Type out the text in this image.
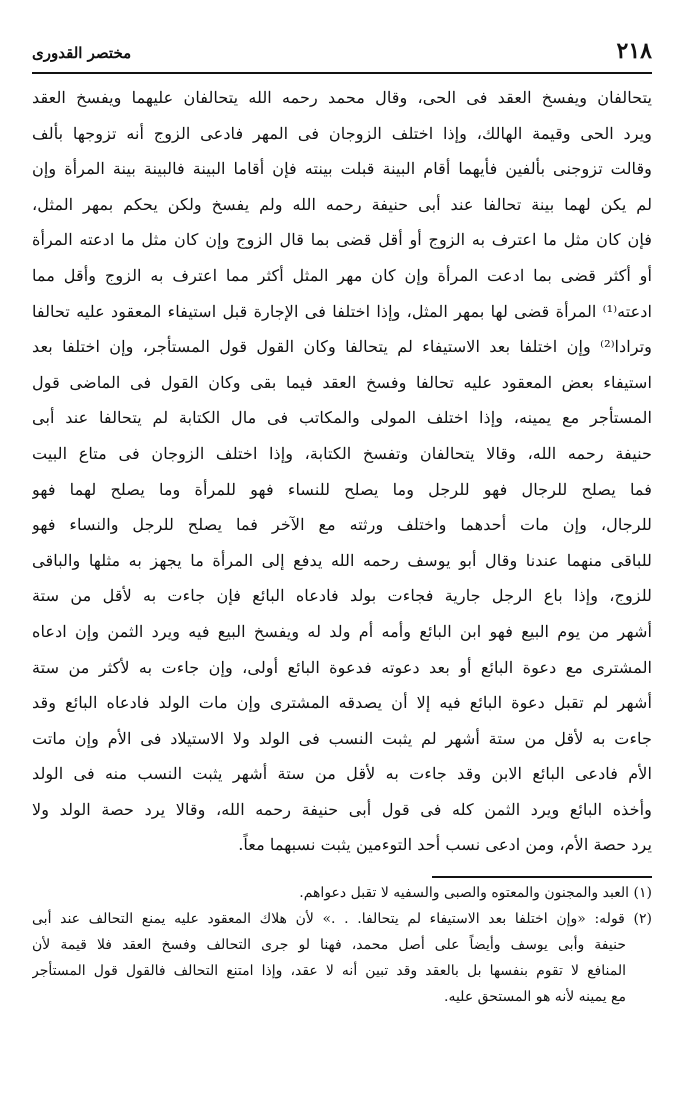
٢١٨
مختصر القدورى
يتحالفان ويفسخ العقد فى الحى، وقال محمد رحمه الله يتحالفان عليهما ويفسخ العقد
ويرد الحى وقيمة الهالك، وإذا اختلف الزوجان فى المهر فادعى الزوج أنه تزوجها بألف
وقالت تزوجنى بألفين فأيهما أقام البينة قبلت بينته فإن أقاما البينة فالبينة بينة المرأة وإن
لم يكن لهما بينة تحالفا عند أبى حنيفة رحمه الله ولم يفسخ ولكن يحكم بمهر المثل،
فإن كان مثل ما اعترف به الزوج أو أقل قضى بما قال الزوج وإن كان مثل ما ادعته المرأة
أو أكثر قضى بما ادعت المرأة وإن كان مهر المثل أكثر مما اعترف به الزوج وأقل مما
ادعته⁽¹⁾ المرأة قضى لها بمهر المثل، وإذا اختلفا فى الإجارة قبل استيفاء المعقود عليه تحالفا
وترادا⁽²⁾ وإن اختلفا بعد الاستيفاء لم يتحالفا وكان القول قول المستأجر، وإن اختلفا بعد
استيفاء بعض المعقود عليه تحالفا وفسخ العقد فيما بقى وكان القول فى الماضى قول
المستأجر مع يمينه، وإذا اختلف المولى والمكاتب فى مال الكتابة لم يتحالفا عند أبى
حنيفة رحمه الله، وقالا يتحالفان وتفسخ الكتابة، وإذا اختلف الزوجان فى متاع البيت
فما يصلح للرجال فهو للرجل وما يصلح للنساء فهو للمرأة وما يصلح لهما فهو
للرجال، وإن مات أحدهما واختلف ورثته مع الآخر فما يصلح للرجل والنساء فهو
للباقى منهما عندنا وقال أبو يوسف رحمه الله يدفع إلى المرأة ما يجهز به مثلها والباقى
للزوج، وإذا باع الرجل جارية فجاءت بولد فادعاه البائع فإن جاءت به لأقل من ستة
أشهر من يوم البيع فهو ابن البائع وأمه أم ولد له ويفسخ البيع فيه ويرد الثمن وإن ادعاه
المشترى مع دعوة البائع أو بعد دعوته فدعوة البائع أولى، وإن جاءت به لأكثر من ستة
أشهر لم تقبل دعوة البائع فيه إلا أن يصدقه المشترى وإن مات الولد فادعاه البائع وقد
جاءت به لأقل من ستة أشهر لم يثبت النسب فى الولد ولا الاستيلاد فى الأم وإن ماتت
الأم فادعى البائع الابن وقد جاءت به لأقل من ستة أشهر يثبت النسب منه فى الولد
وأخذه البائع ويرد الثمن كله فى قول أبى حنيفة رحمه الله، وقالا يرد حصة الولد ولا
يرد حصة الأم، ومن ادعى نسب أحد التوءمين يثبت نسبهما معاً.
(١) العبد والمجنون والمعتوه والصبى والسفيه لا تقبل دعواهم.
(٢) قوله: «وإن اختلفا بعد الاستيفاء لم يتحالفا. . .» لأن هلاك المعقود عليه يمنع التحالف عند أبى
حنيفة وأبى يوسف وأيضاً على أصل محمد، فهنا لو جرى التحالف وفسخ العقد فلا قيمة لأن
المنافع لا تقوم بنفسها بل بالعقد وقد تبين أنه لا عقد، وإذا امتنع التحالف فالقول قول المستأجر
مع يمينه لأنه هو المستحق عليه.
